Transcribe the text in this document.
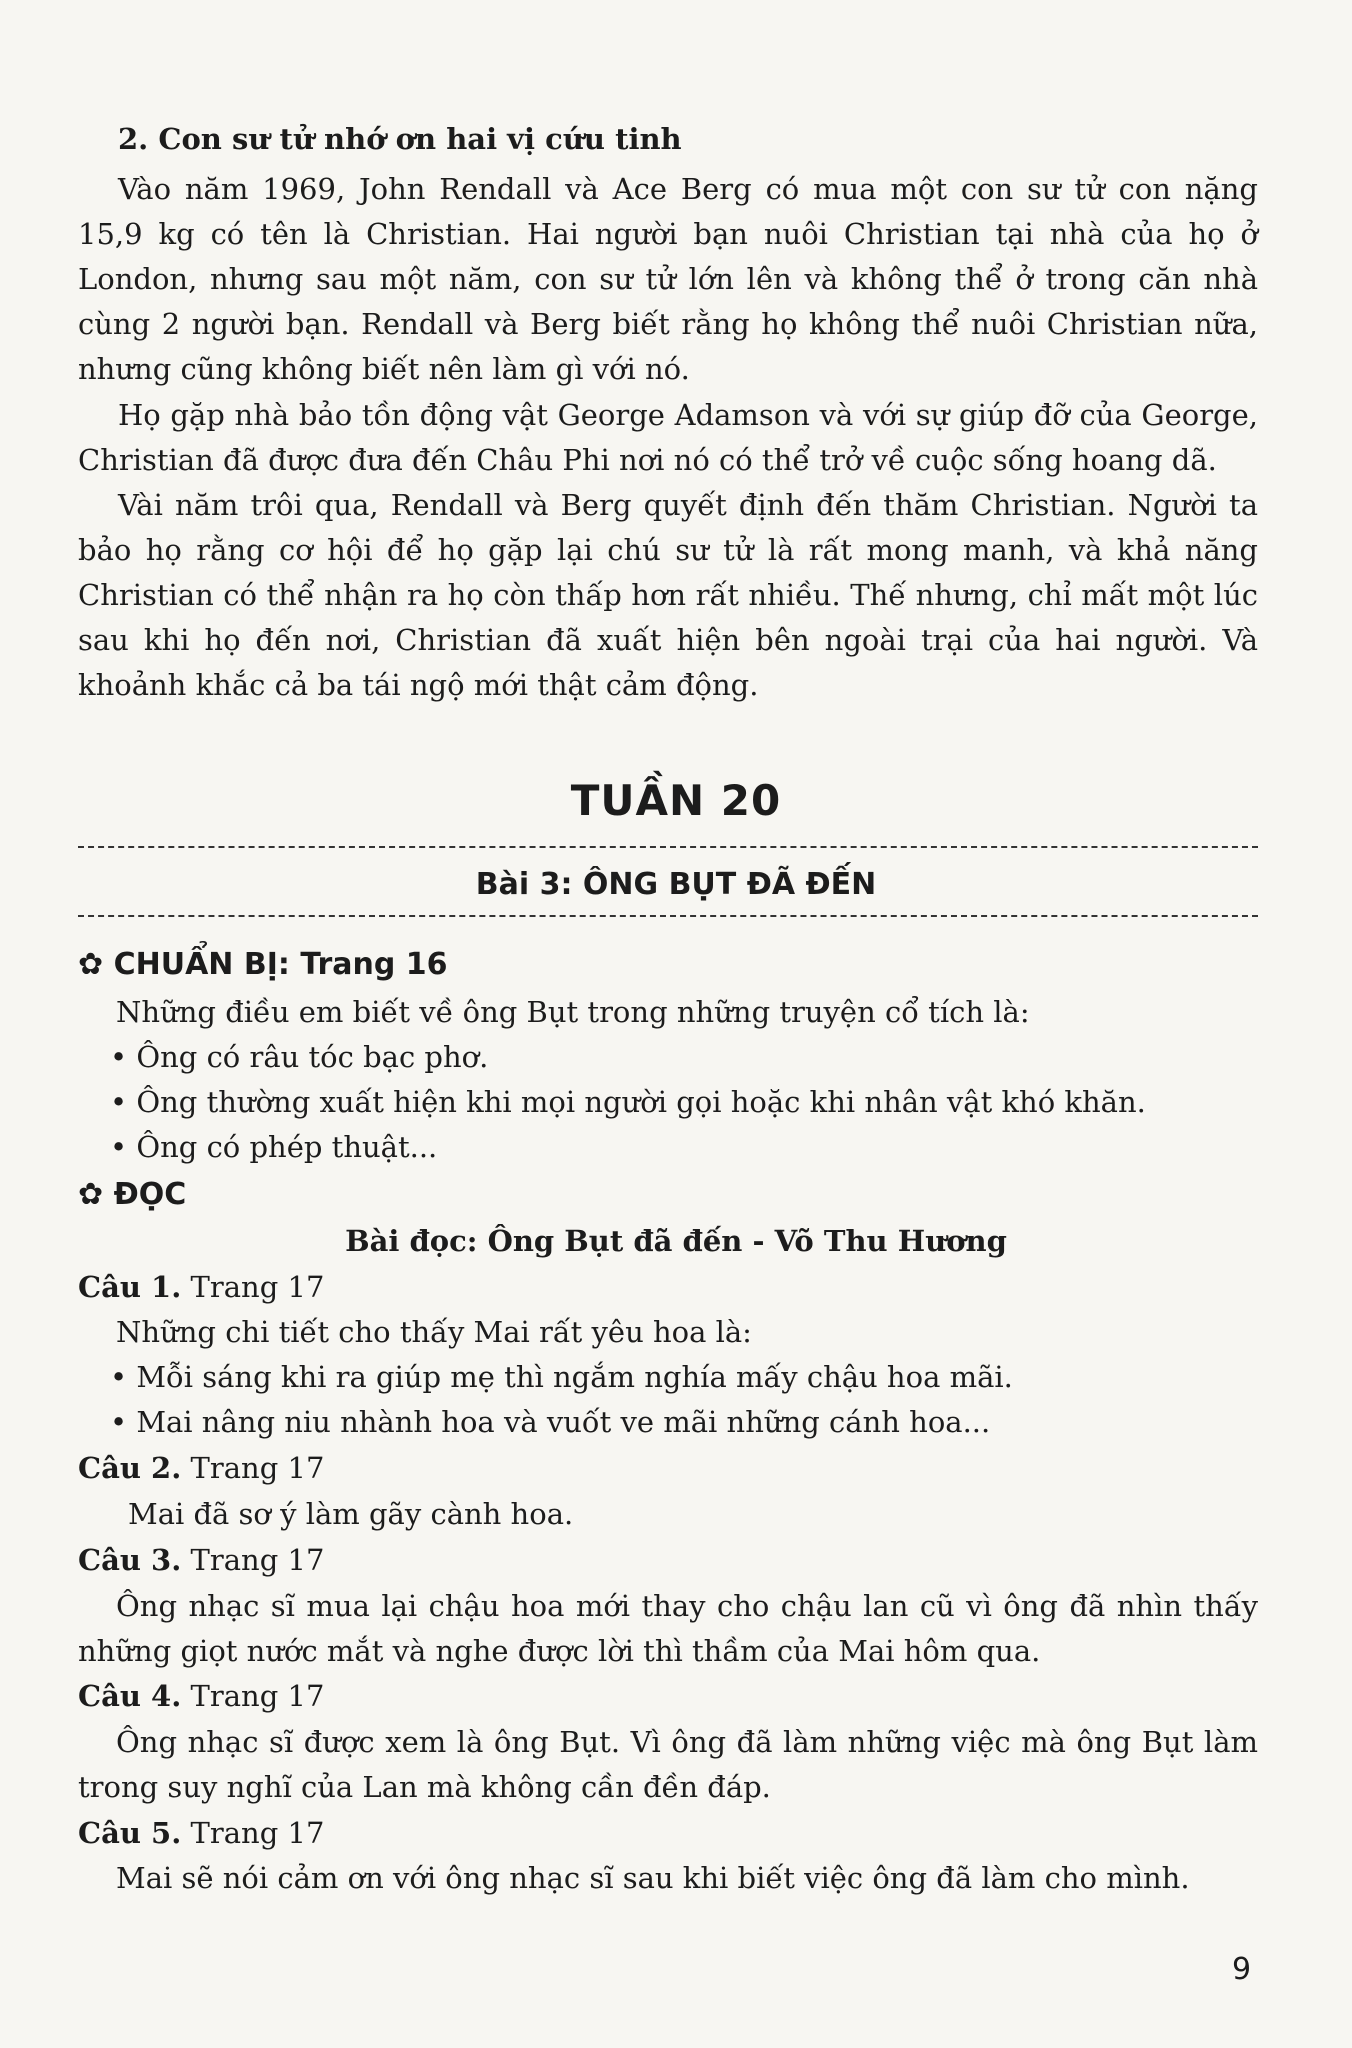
2. Con sư tử nhớ ơn hai vị cứu tinh
Vào năm 1969, John Rendall và Ace Berg có mua một con sư tử con nặng 15,9 kg có tên là Christian. Hai người bạn nuôi Christian tại nhà của họ ở London, nhưng sau một năm, con sư tử lớn lên và không thể ở trong căn nhà cùng 2 người bạn. Rendall và Berg biết rằng họ không thể nuôi Christian nữa, nhưng cũng không biết nên làm gì với nó.
Họ gặp nhà bảo tồn động vật George Adamson và với sự giúp đỡ của George, Christian đã được đưa đến Châu Phi nơi nó có thể trở về cuộc sống hoang dã.
Vài năm trôi qua, Rendall và Berg quyết định đến thăm Christian. Người ta bảo họ rằng cơ hội để họ gặp lại chú sư tử là rất mong manh, và khả năng Christian có thể nhận ra họ còn thấp hơn rất nhiều. Thế nhưng, chỉ mất một lúc sau khi họ đến nơi, Christian đã xuất hiện bên ngoài trại của hai người. Và khoảnh khắc cả ba tái ngộ mới thật cảm động.
TUẦN 20
Bài 3: ÔNG BỤT ĐÃ ĐẾN
✿ CHUẨN BỊ: Trang 16
Những điều em biết về ông Bụt trong những truyện cổ tích là:
• Ông có râu tóc bạc phơ.
• Ông thường xuất hiện khi mọi người gọi hoặc khi nhân vật khó khăn.
• Ông có phép thuật...
✿ ĐỌC
Bài đọc: Ông Bụt đã đến - Võ Thu Hương
Câu 1. Trang 17
Những chi tiết cho thấy Mai rất yêu hoa là:
• Mỗi sáng khi ra giúp mẹ thì ngắm nghía mấy chậu hoa mãi.
• Mai nâng niu nhành hoa và vuốt ve mãi những cánh hoa...
Câu 2. Trang 17
Mai đã sơ ý làm gãy cành hoa.
Câu 3. Trang 17
Ông nhạc sĩ mua lại chậu hoa mới thay cho chậu lan cũ vì ông đã nhìn thấy những giọt nước mắt và nghe được lời thì thầm của Mai hôm qua.
Câu 4. Trang 17
Ông nhạc sĩ được xem là ông Bụt. Vì ông đã làm những việc mà ông Bụt làm trong suy nghĩ của Lan mà không cần đền đáp.
Câu 5. Trang 17
Mai sẽ nói cảm ơn với ông nhạc sĩ sau khi biết việc ông đã làm cho mình.
9
